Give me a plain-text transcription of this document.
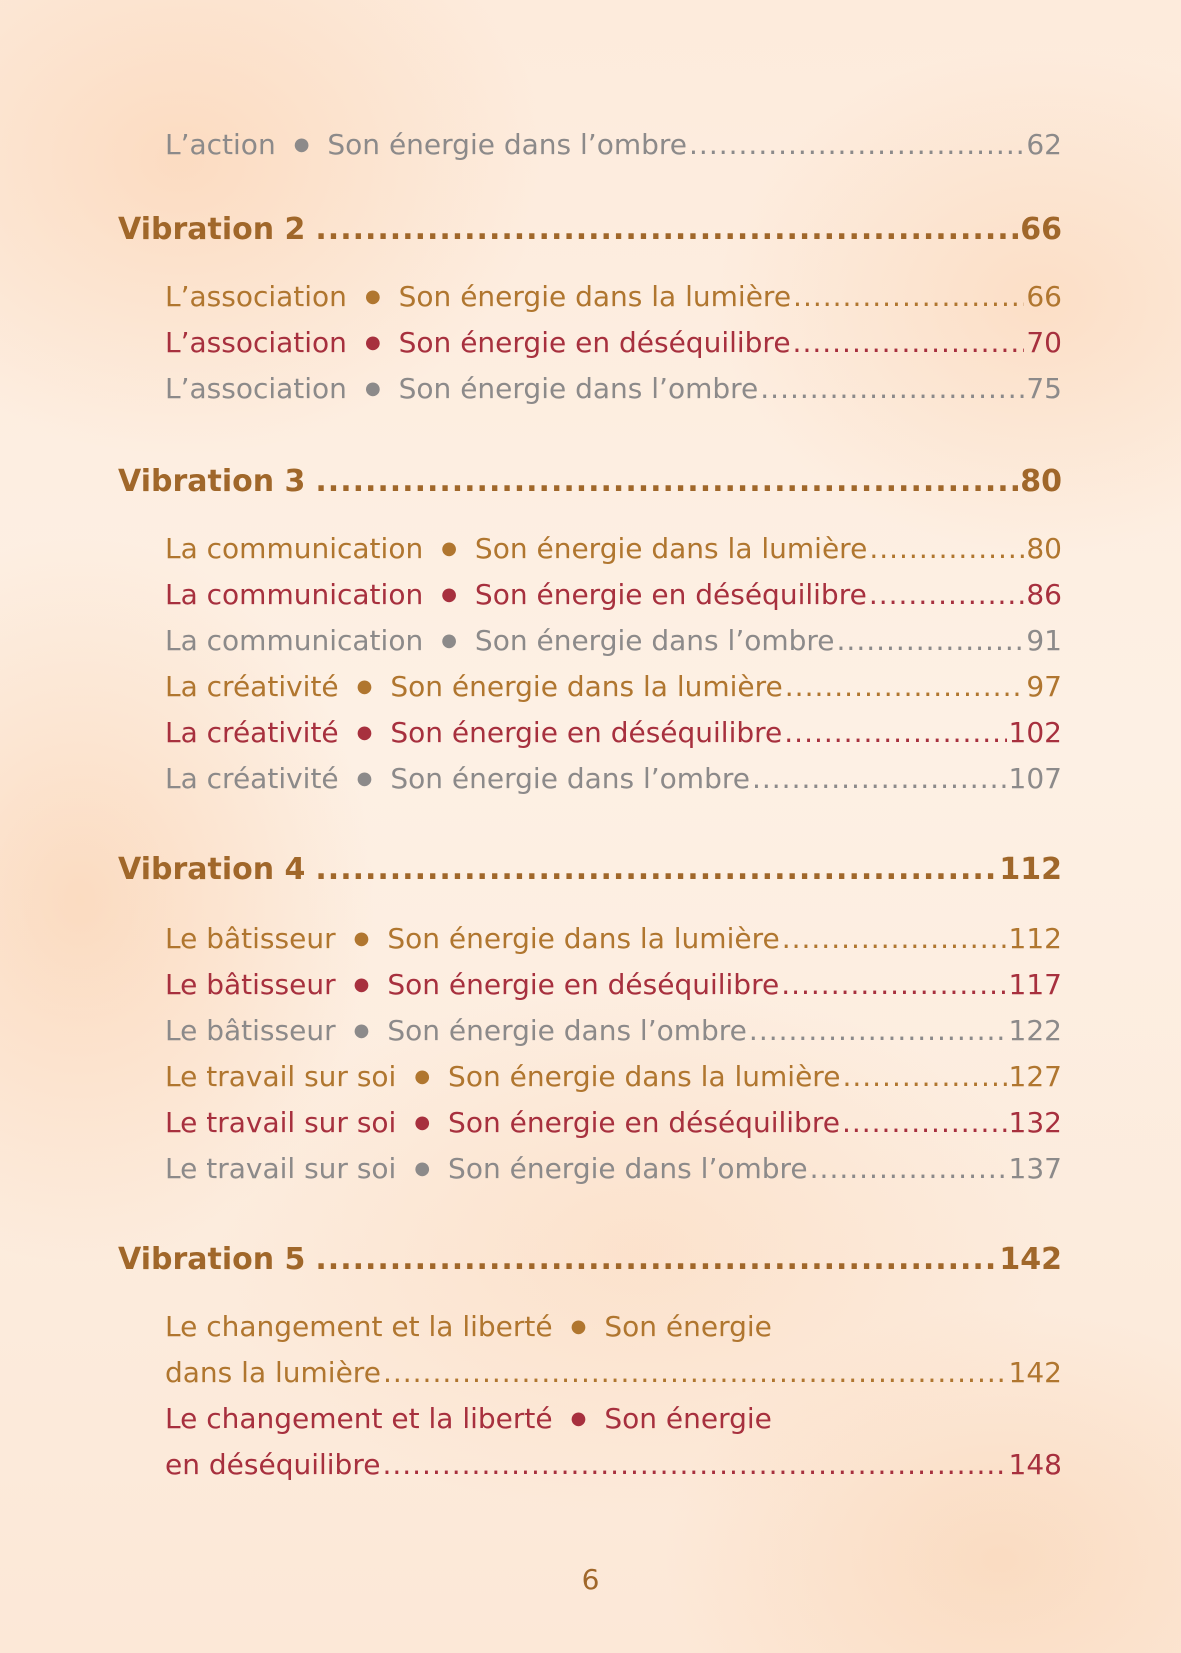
L’action ● Son énergie dans l’ombre .....	62
Vibration 2 .....	66
L’association ● Son énergie dans la lumière .....	66
L’association ● Son énergie en déséquilibre .....	70
L’association ● Son énergie dans l’ombre .....	75
Vibration 3 .....	80
La communication ● Son énergie dans la lumière .....	80
La communication ● Son énergie en déséquilibre .....	86
La communication ● Son énergie dans l’ombre .....	91
La créativité ● Son énergie dans la lumière .....	97
La créativité ● Son énergie en déséquilibre .....	102
La créativité ● Son énergie dans l’ombre .....	107
Vibration 4 .....	112
Le bâtisseur ● Son énergie dans la lumière .....	112
Le bâtisseur ● Son énergie en déséquilibre .....	117
Le bâtisseur ● Son énergie dans l’ombre .....	122
Le travail sur soi ● Son énergie dans la lumière .....	127
Le travail sur soi ● Son énergie en déséquilibre .....	132
Le travail sur soi ● Son énergie dans l’ombre .....	137
Vibration 5 .....	142
Le changement et la liberté ● Son énergie
dans la lumière .....	142
Le changement et la liberté ● Son énergie
en déséquilibre .....	148
6
